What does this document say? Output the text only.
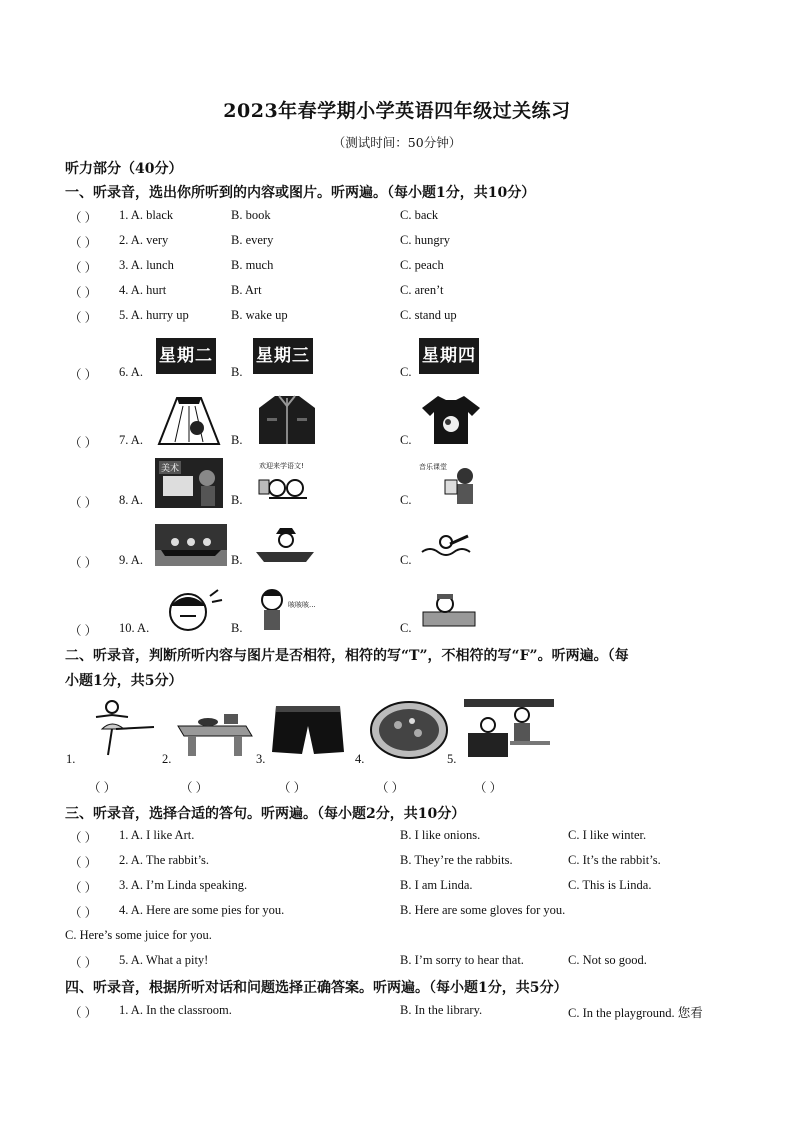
2023年春学期小学英语四年级过关练习
（测试时间：50分钟）
听力部分（40分）
一、听录音，选出你所听到的内容或图片。听两遍。（每小题1分，共10分）
（ ） 1. A. black	B. book	C. back
（ ） 2. A. very	B. every	C. hungry
（ ） 3. A. lunch	B. much	C. peach
（ ） 4. A. hurt	B. Art	C. aren’t
（ ） 5. A. hurry up	B. wake up	C. stand up
（ ） 6. A.	B.	C.
星期二	星期三	星期四
（ ） 7. A.	B.	C.
（ ） 8. A.	B.	C.
美术	欢迎来学语文!	音乐课堂
（ ） 9. A.	B.	C.
（ ） 10. A.	B.	C.
咳咳咳...
二、听录音，判断所听内容与图片是否相符，相符的写“T”，不相符的写“F”。听两遍。（每
小题1分，共5分）
1.	2.	3.	4.	5.
（ ）	（ ）	（ ）	（ ）	（ ）
三、听录音，选择合适的答句。听两遍。（每小题2分，共10分）
（ ） 1. A. I like Art.	B. I like onions.	C. I like winter.
（ ） 2. A. The rabbit’s.	B. They’re the rabbits.	C. It’s the rabbit’s.
（ ） 3. A. I’m Linda speaking.	B. I am Linda.	C. This is Linda.
（ ） 4. A. Here are some pies for you.	B. Here are some gloves for you.
C. Here’s some juice for you.
（ ） 5. A. What a pity!	B. I’m sorry to hear that.	C. Not so good.
四、听录音，根据所听对话和问题选择正确答案。听两遍。（每小题1分，共5分）
（ ） 1. A. In the classroom.	B. In the library.	C. In the playground. 您看
